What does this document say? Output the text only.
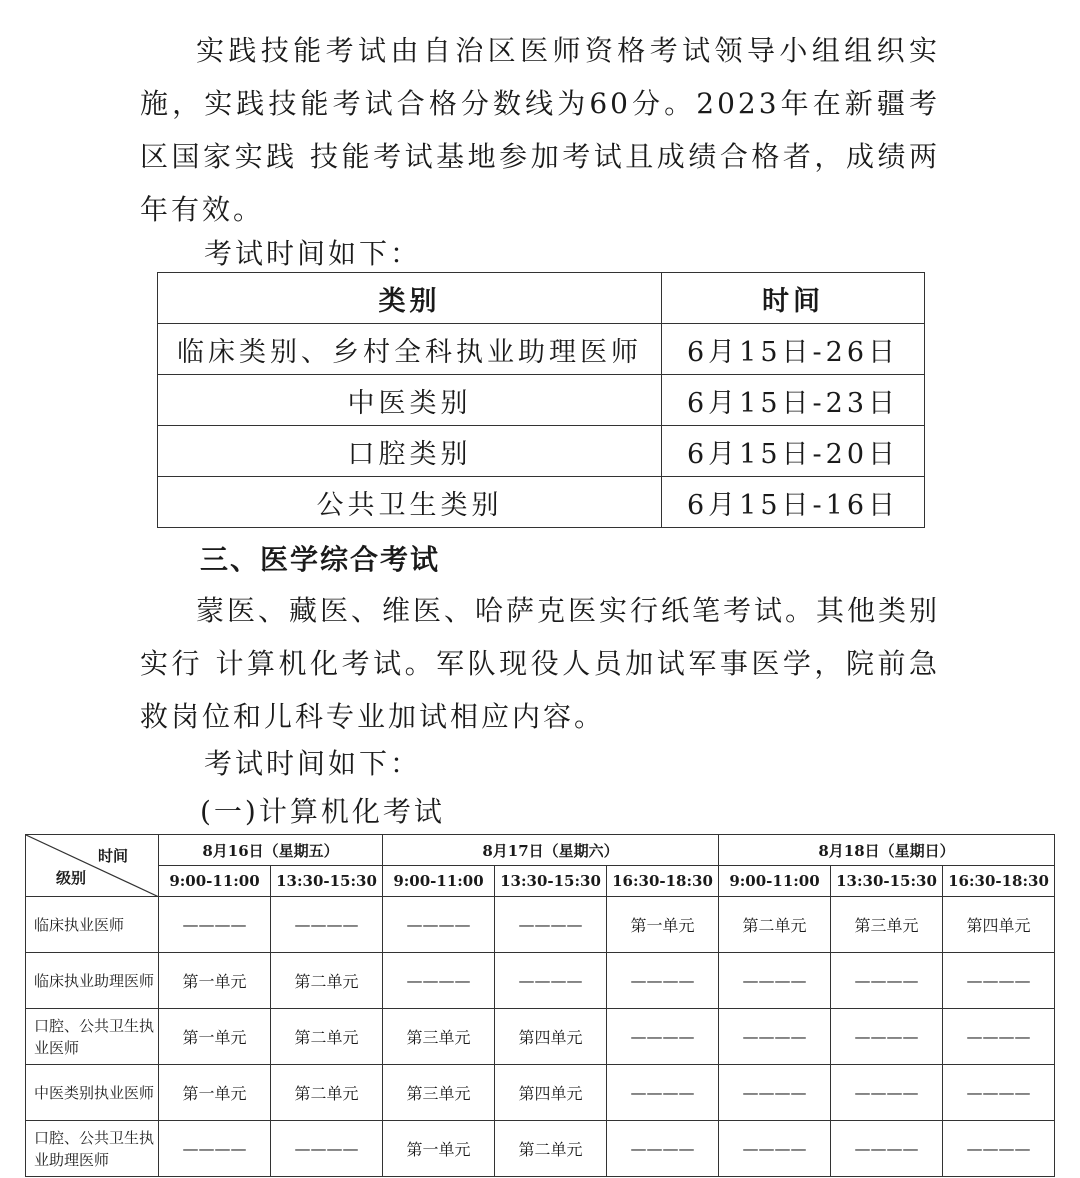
实践技能考试由自治区医师资格考试领导小组组织实施，实践技能考试合格分数线为60分。2023年在新疆考区国家实践 技能考试基地参加考试且成绩合格者，成绩两年有效。

考试时间如下：
类别	时间
临床类别、乡村全科执业助理医师	6月15日-26日
中医类别	6月15日-23日
口腔类别	6月15日-20日
公共卫生类别	6月15日-16日
三、医学综合考试

蒙医、藏医、维医、哈萨克医实行纸笔考试。其他类别实行 计算机化考试。军队现役人员加试军事医学，院前急救岗位和儿科专业加试相应内容。

考试时间如下：
(一)计算机化考试
时间
级别	8月16日（星期五）		8月17日（星期六）			8月18日（星期日）		
	9:00-11:00	13:30-15:30	9:00-11:00	13:30-15:30	16:30-18:30	9:00-11:00	13:30-15:30	16:30-18:30
临床执业医师	————	————	————	————	第一单元	第二单元	第三单元	第四单元
临床执业助理医师	第一单元	第二单元	————	————	————	————	————	————
口腔、公共卫生执业医师	第一单元	第二单元	第三单元	第四单元	————	————	————	————
中医类别执业医师	第一单元	第二单元	第三单元	第四单元	————	————	————	————
口腔、公共卫生执业助理医师	————	————	第一单元	第二单元	————	————	————	————
